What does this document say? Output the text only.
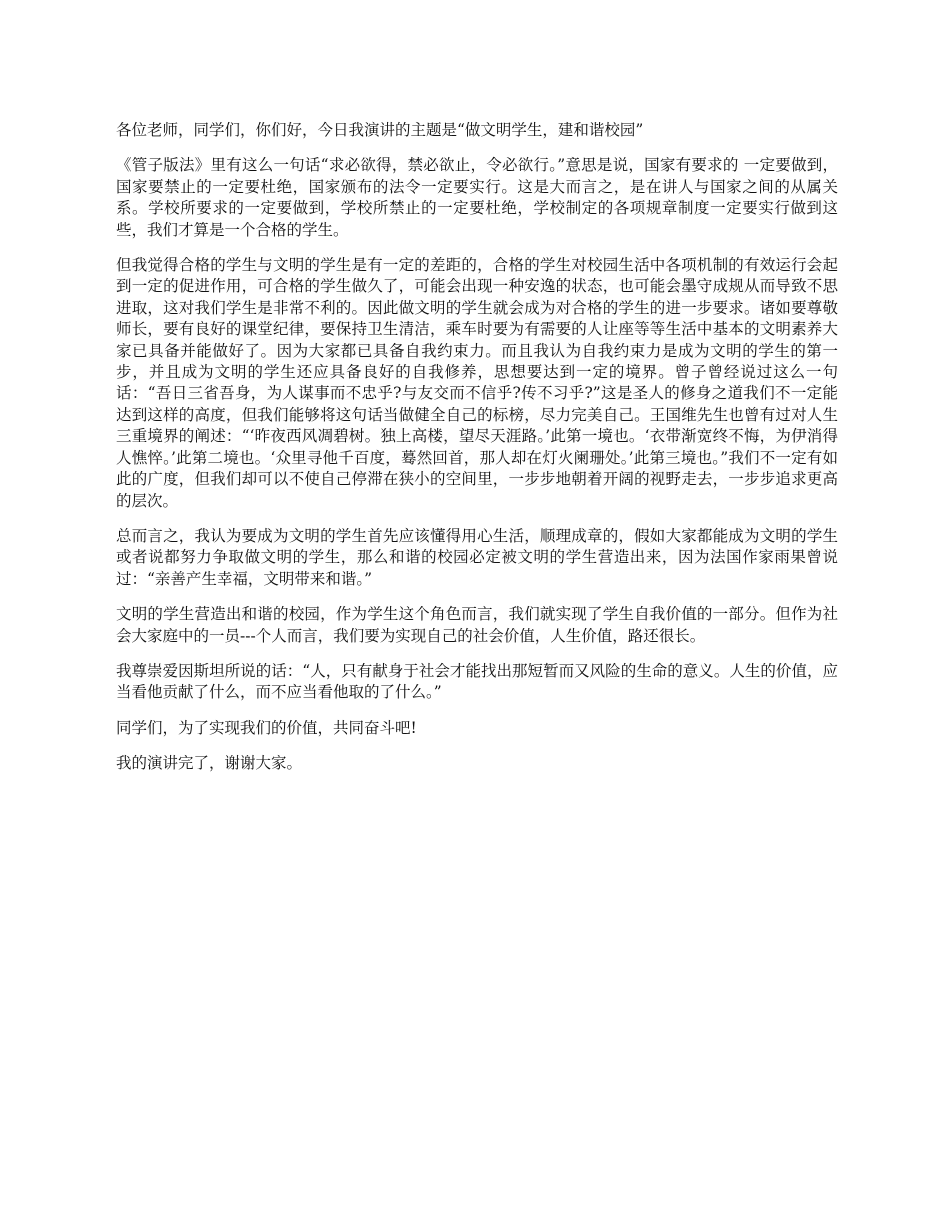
各位老师，同学们，你们好，今日我演讲的主题是“做文明学生，建和谐校园”

《管子版法》里有这么一句话“求必欲得，禁必欲止，令必欲行。”意思是说，国家有要求的 一定要做到，国家要禁止的一定要杜绝，国家颁布的法令一定要实行。这是大而言之，是在讲人与国家之间的从属关系。学校所要求的一定要做到，学校所禁止的一定要杜绝，学校制定的各项规章制度一定要实行做到这些，我们才算是一个合格的学生。

但我觉得合格的学生与文明的学生是有一定的差距的，合格的学生对校园生活中各项机制的有效运行会起到一定的促进作用，可合格的学生做久了，可能会出现一种安逸的状态，也可能会墨守成规从而导致不思进取，这对我们学生是非常不利的。因此做文明的学生就会成为对合格的学生的进一步要求。诸如要尊敬师长，要有良好的课堂纪律，要保持卫生清洁，乘车时要为有需要的人让座等等生活中基本的文明素养大家已具备并能做好了。因为大家都已具备自我约束力。而且我认为自我约束力是成为文明的学生的第一步，并且成为文明的学生还应具备良好的自我修养，思想要达到一定的境界。曾子曾经说过这么一句话：“吾日三省吾身，为人谋事而不忠乎?与友交而不信乎?传不习乎?”这是圣人的修身之道我们不一定能达到这样的高度，但我们能够将这句话当做健全自己的标榜，尽力完美自己。王国维先生也曾有过对人生三重境界的阐述：“‘昨夜西风凋碧树。独上高楼，望尽天涯路。’此第一境也。‘衣带渐宽终不悔，为伊消得人憔悴。’此第二境也。‘众里寻他千百度，蓦然回首，那人却在灯火阑珊处。’此第三境也。”我们不一定有如此的广度，但我们却可以不使自己停滞在狭小的空间里，一步步地朝着开阔的视野走去，一步步追求更高的层次。

总而言之，我认为要成为文明的学生首先应该懂得用心生活，顺理成章的，假如大家都能成为文明的学生或者说都努力争取做文明的学生，那么和谐的校园必定被文明的学生营造出来，因为法国作家雨果曾说过：“亲善产生幸福，文明带来和谐。”

文明的学生营造出和谐的校园，作为学生这个角色而言，我们就实现了学生自我价值的一部分。但作为社会大家庭中的一员---个人而言，我们要为实现自己的社会价值，人生价值，路还很长。

我尊崇爱因斯坦所说的话：“人，只有献身于社会才能找出那短暂而又风险的生命的意义。人生的价值，应当看他贡献了什么，而不应当看他取的了什么。”

同学们，为了实现我们的价值，共同奋斗吧!

我的演讲完了，谢谢大家。
